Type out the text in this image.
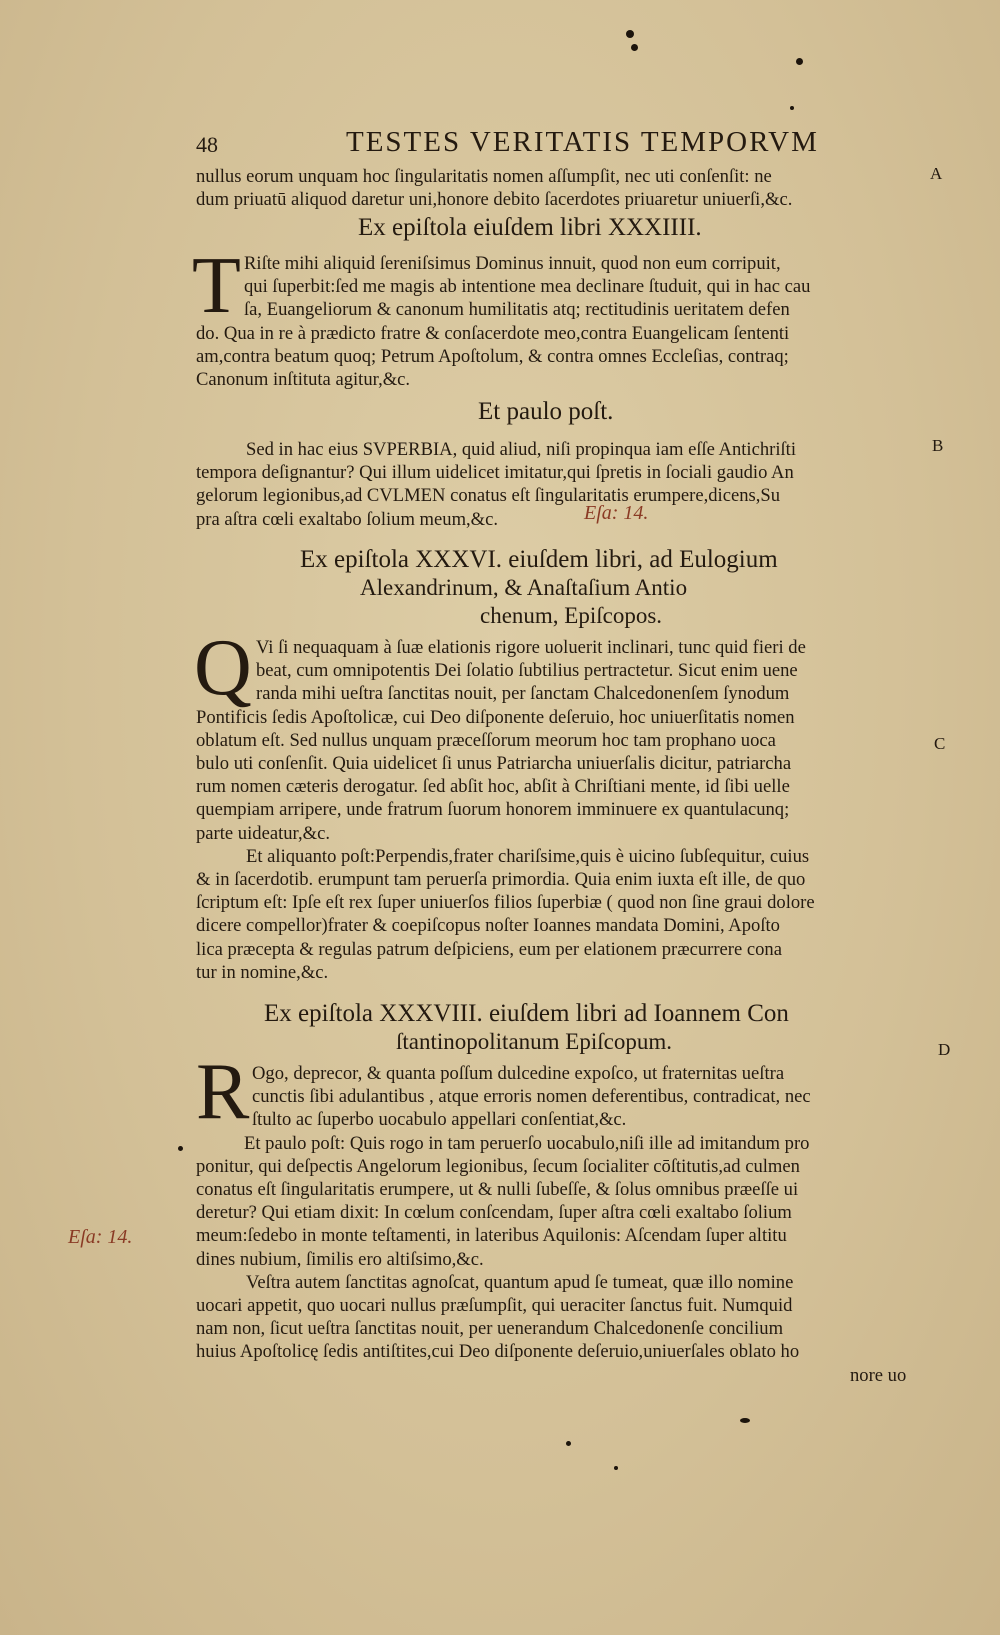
48	TESTES VERITATIS TEMPORVM
nullus eorum unquam hoc ſingularitatis nomen aſſumpſit, nec uti conſenſit: ne
dum priuatū aliquod daretur uni,honore debito ſacerdotes priuaretur uniuerſi,&c.
A
Ex epiſtola eiuſdem libri XXXIIII.
T Riſte mihi aliquid ſereniſsimus Dominus innuit, quod non eum corripuit,
qui ſuperbit:ſed me magis ab intentione mea declinare ſtuduit, qui in hac cau
ſa, Euangeliorum & canonum humilitatis atq; rectitudinis ueritatem defen
do. Qua in re à prædicto fratre & conſacerdote meo,contra Euangelicam ſententi
am,contra beatum quoq; Petrum Apoſtolum, & contra omnes Eccleſias, contraq;
Canonum inſtituta agitur,&c.
Et paulo poſt.
Sed in hac eius SVPERBIA, quid aliud, niſi propinqua iam eſſe Antichriſti
tempora deſignantur? Qui illum uidelicet imitatur,qui ſpretis in ſociali gaudio An
gelorum legionibus,ad CVLMEN conatus eſt ſingularitatis erumpere,dicens,Su
pra aſtra cœli exaltabo ſolium meum,&c.
B
Eſa: 14.
Ex epiſtola XXXVI. eiuſdem libri, ad Eulogium
Alexandrinum, & Anaſtaſium Antio
chenum, Epiſcopos.
Q Vi ſi nequaquam à ſuæ elationis rigore uoluerit inclinari, tunc quid fieri de
beat, cum omnipotentis Dei ſolatio ſubtilius pertractetur. Sicut enim uene
randa mihi ueſtra ſanctitas nouit, per ſanctam Chalcedonenſem ſynodum
Pontificis ſedis Apoſtolicæ, cui Deo diſponente deſeruio, hoc uniuerſitatis nomen
oblatum eſt. Sed nullus unquam præceſſorum meorum hoc tam prophano uoca
bulo uti conſenſit. Quia uidelicet ſi unus Patriarcha uniuerſalis dicitur, patriarcha
rum nomen cæteris derogatur. ſed abſit hoc, abſit à Chriſtiani mente, id ſibi uelle
quempiam arripere, unde fratrum ſuorum honorem imminuere ex quantulacunq;
parte uideatur,&c.
Et aliquanto poſt:Perpendis,frater chariſsime,quis è uicino ſubſequitur, cuius
& in ſacerdotib. erumpunt tam peruerſa primordia. Quia enim iuxta eſt ille, de quo
ſcriptum eſt: Ipſe eſt rex ſuper uniuerſos filios ſuperbiæ ( quod non ſine graui dolore
dicere compellor)frater & coepiſcopus noſter Ioannes mandata Domini, Apoſto
lica præcepta & regulas patrum deſpiciens, eum per elationem præcurrere cona
tur in nomine,&c.
C
Ex epiſtola XXXVIII. eiuſdem libri ad Ioannem Con
ſtantinopolitanum Epiſcopum.
R Ogo, deprecor, & quanta poſſum dulcedine expoſco, ut fraternitas ueſtra
cunctis ſibi adulantibus , atque erroris nomen deferentibus, contradicat, nec
ſtulto ac ſuperbo uocabulo appellari conſentiat,&c.
Et paulo poſt: Quis rogo in tam peruerſo uocabulo,niſi ille ad imitandum pro
ponitur, qui deſpectis Angelorum legionibus, ſecum ſocialiter cōſtitutis,ad culmen
conatus eſt ſingularitatis erumpere, ut & nulli ſubeſſe, & ſolus omnibus præeſſe ui
deretur? Qui etiam dixit: In cœlum conſcendam, ſuper aſtra cœli exaltabo ſolium
meum:ſedebo in monte teſtamenti, in lateribus Aquilonis: Aſcendam ſuper altitu
dines nubium, ſimilis ero altiſsimo,&c.
Veſtra autem ſanctitas agnoſcat, quantum apud ſe tumeat, quæ illo nomine
uocari appetit, quo uocari nullus præſumpſit, qui ueraciter ſanctus fuit. Numquid
nam non, ſicut ueſtra ſanctitas nouit, per uenerandum Chalcedonenſe concilium
huius Apoſtolicę ſedis antiſtites,cui Deo diſponente deſeruio,uniuerſales oblato ho
nore uo
D
Eſa: 14.
